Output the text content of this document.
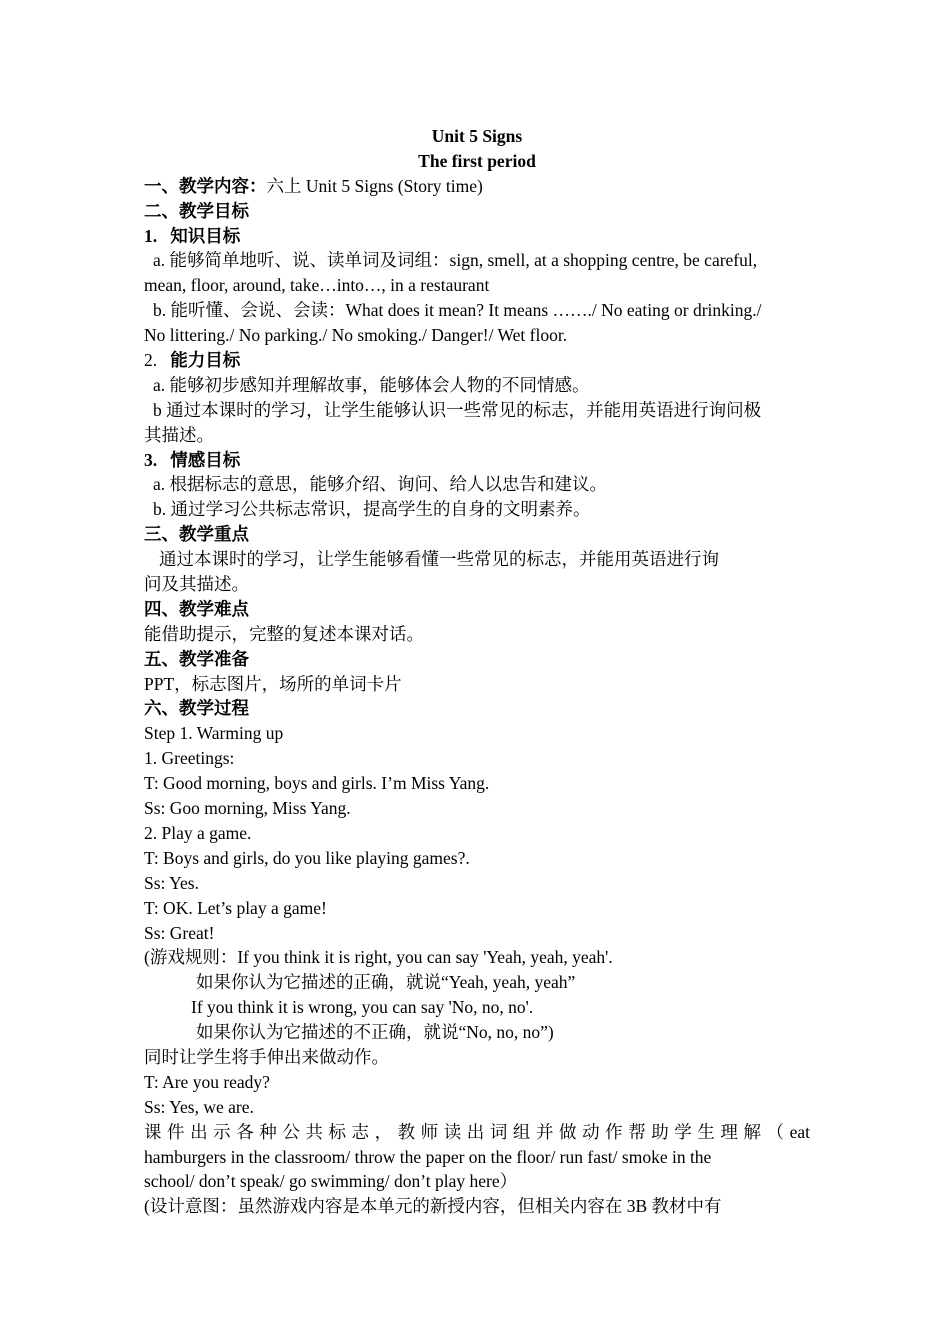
Unit 5 Signs
The first period
一、教学内容：六上 Unit 5 Signs (Story time)
二、教学目标
1.   知识目标
a. 能够简单地听、说、读单词及词组：sign, smell, at a shopping centre, be careful,
mean, floor, around, take…into…, in a restaurant
b. 能听懂、会说、会读：What does it mean? It means ……./ No eating or drinking./
No littering./ No parking./ No smoking./ Danger!/ Wet floor.
2.   能力目标
a. 能够初步感知并理解故事，能够体会人物的不同情感。
b 通过本课时的学习，让学生能够认识一些常见的标志，并能用英语进行询问极
其描述。
3.   情感目标
a. 根据标志的意思，能够介绍、询问、给人以忠告和建议。
b. 通过学习公共标志常识，提高学生的自身的文明素养。
三、教学重点
通过本课时的学习，让学生能够看懂一些常见的标志，并能用英语进行询
问及其描述。
四、教学难点
能借助提示，完整的复述本课对话。
五、教学准备
PPT，标志图片，场所的单词卡片
六、教学过程
Step 1. Warming up
1. Greetings:
T: Good morning, boys and girls. I’m Miss Yang.
Ss: Goo morning, Miss Yang.
2. Play a game.
T: Boys and girls, do you like playing games?.
Ss: Yes.
T: OK. Let’s play a game!
Ss: Great!
(游戏规则：If you think it is right, you can say 'Yeah, yeah, yeah'.
如果你认为它描述的正确，就说“Yeah, yeah, yeah”
If you think it is wrong, you can say 'No, no, no'.
如果你认为它描述的不正确，就说“No, no, no”)
同时让学生将手伸出来做动作。
T: Are you ready?
Ss: Yes, we are.
课件出示各种公共标志，教师读出词组并做动作帮助学生理解（eat
hamburgers in the classroom/ throw the paper on the floor/ run fast/ smoke in the
school/ don’t speak/ go swimming/ don’t play here）
(设计意图：虽然游戏内容是本单元的新授内容，但相关内容在 3B 教材中有
